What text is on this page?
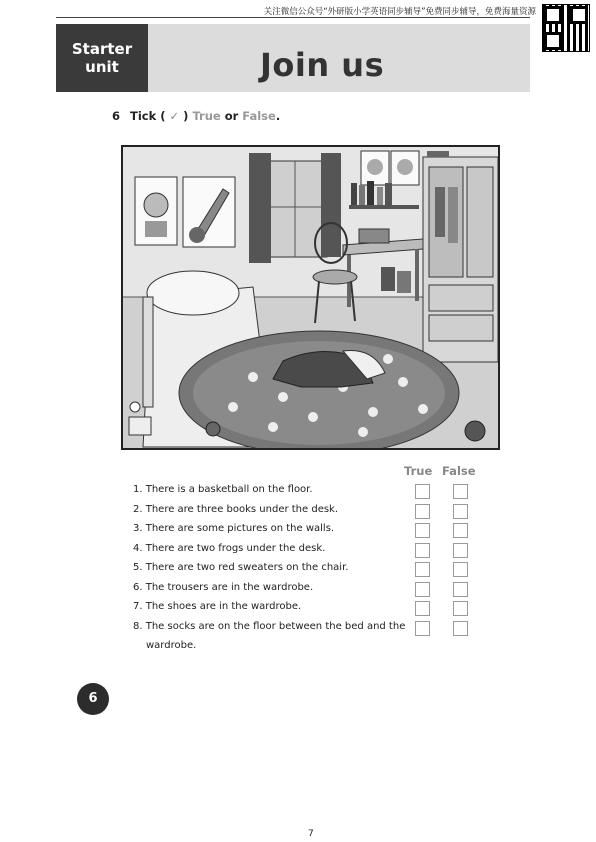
关注微信公众号“外研版小学英语同步辅导”免费同步辅导，免费海量资源
Starter
unit	Join us
6 Tick ( ✓ ) True or False.
True False
1. There is a basketball on the floor.
2. There are three books under the desk.
3. There are some pictures on the walls.
4. There are two frogs under the desk.
5. There are two red sweaters on the chair.
6. The trousers are in the wardrobe.
7. The shoes are in the wardrobe.
8. The socks are on the floor between the bed and the
wardrobe.
6
7
